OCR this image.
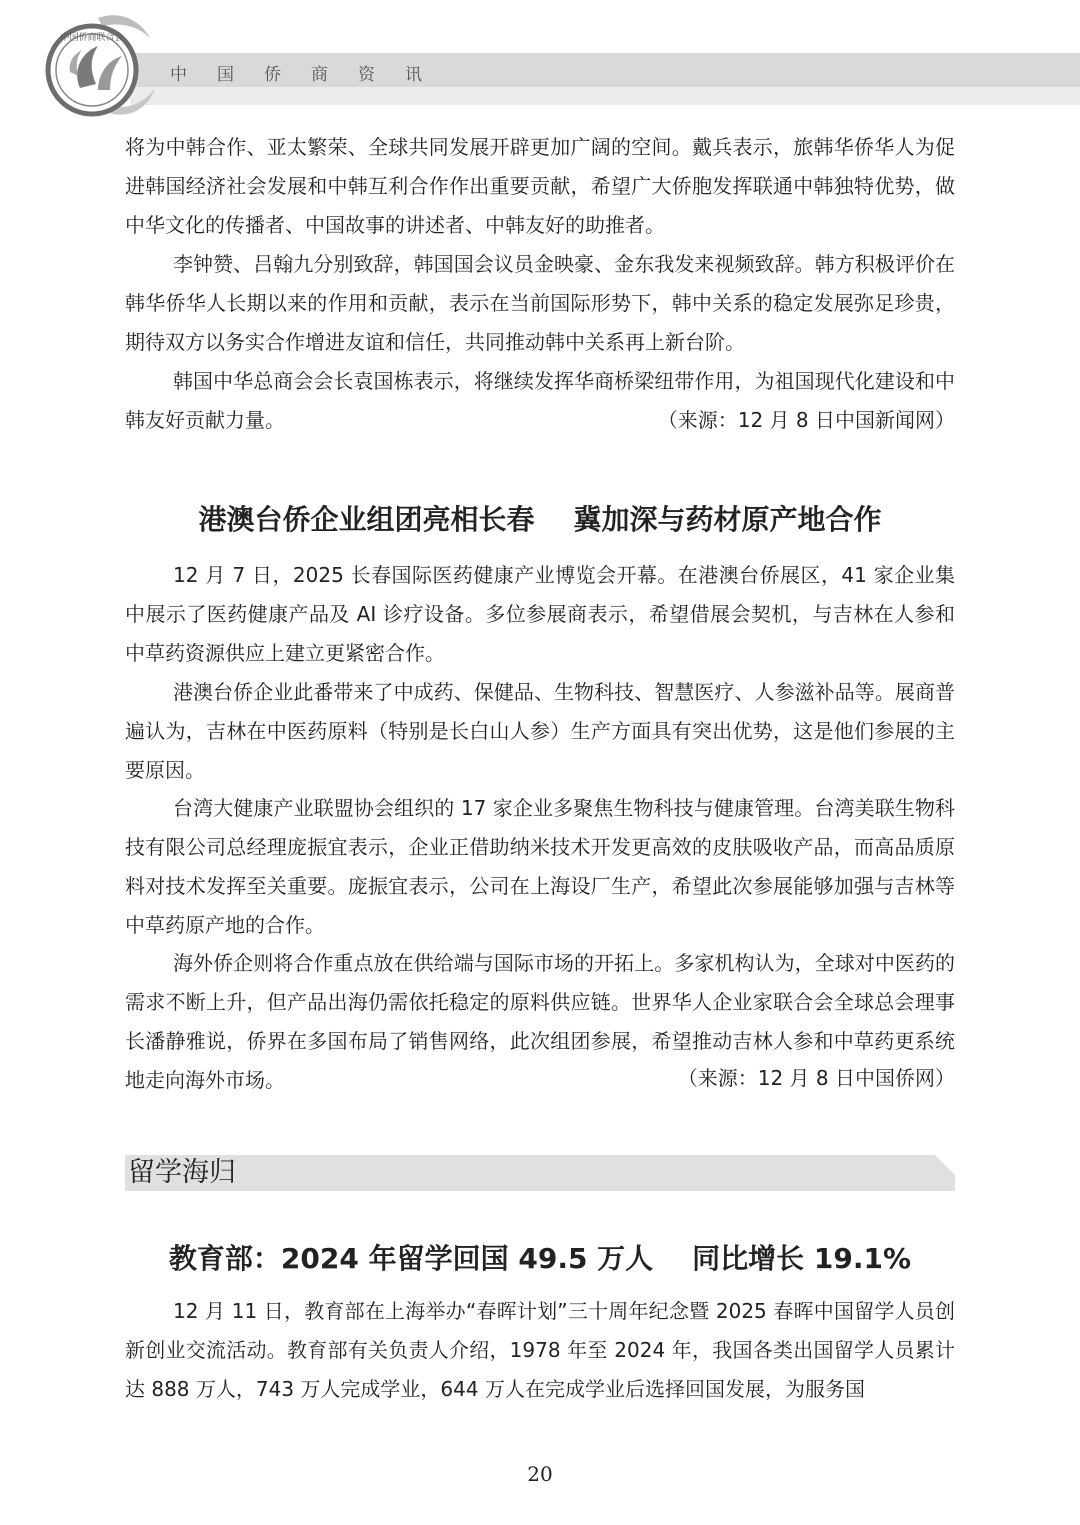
中国侨商资讯
中国侨商联合会

将为中韩合作、亚太繁荣、全球共同发展开辟更加广阔的空间。戴兵表示，旅韩华侨华人为促进韩国经济社会发展和中韩互利合作作出重要贡献，希望广大侨胞发挥联通中韩独特优势，做中华文化的传播者、中国故事的讲述者、中韩友好的助推者。

李钟赞、吕翰九分别致辞，韩国国会议员金映豪、金东我发来视频致辞。韩方积极评价在韩华侨华人长期以来的作用和贡献，表示在当前国际形势下，韩中关系的稳定发展弥足珍贵，期待双方以务实合作增进友谊和信任，共同推动韩中关系再上新台阶。

韩国中华总商会会长袁国栋表示，将继续发挥华商桥梁纽带作用，为祖国现代化建设和中韩友好贡献力量。	（来源：12 月 8 日中国新闻网）
港澳台侨企业组团亮相长春    冀加深与药材原产地合作

12 月 7 日，2025 长春国际医药健康产业博览会开幕。在港澳台侨展区，41 家企业集中展示了医药健康产品及 AI 诊疗设备。多位参展商表示，希望借展会契机，与吉林在人参和中草药资源供应上建立更紧密合作。

港澳台侨企业此番带来了中成药、保健品、生物科技、智慧医疗、人参滋补品等。展商普遍认为，吉林在中医药原料（特别是长白山人参）生产方面具有突出优势，这是他们参展的主要原因。

台湾大健康产业联盟协会组织的 17 家企业多聚焦生物科技与健康管理。台湾美联生物科技有限公司总经理庞振宜表示，企业正借助纳米技术开发更高效的皮肤吸收产品，而高品质原料对技术发挥至关重要。庞振宜表示，公司在上海设厂生产，希望此次参展能够加强与吉林等中草药原产地的合作。

海外侨企则将合作重点放在供给端与国际市场的开拓上。多家机构认为，全球对中医药的需求不断上升，但产品出海仍需依托稳定的原料供应链。世界华人企业家联合会全球总会理事长潘静雅说，侨界在多国布局了销售网络，此次组团参展，希望推动吉林人参和中草药更系统地走向海外市场。	（来源：12 月 8 日中国侨网）
留学海归
教育部：2024 年留学回国 49.5 万人    同比增长 19.1%

12 月 11 日，教育部在上海举办“春晖计划”三十周年纪念暨 2025 春晖中国留学人员创新创业交流活动。教育部有关负责人介绍，1978 年至 2024 年，我国各类出国留学人员累计达 888 万人，743 万人完成学业，644 万人在完成学业后选择回国发展，为服务国

20
